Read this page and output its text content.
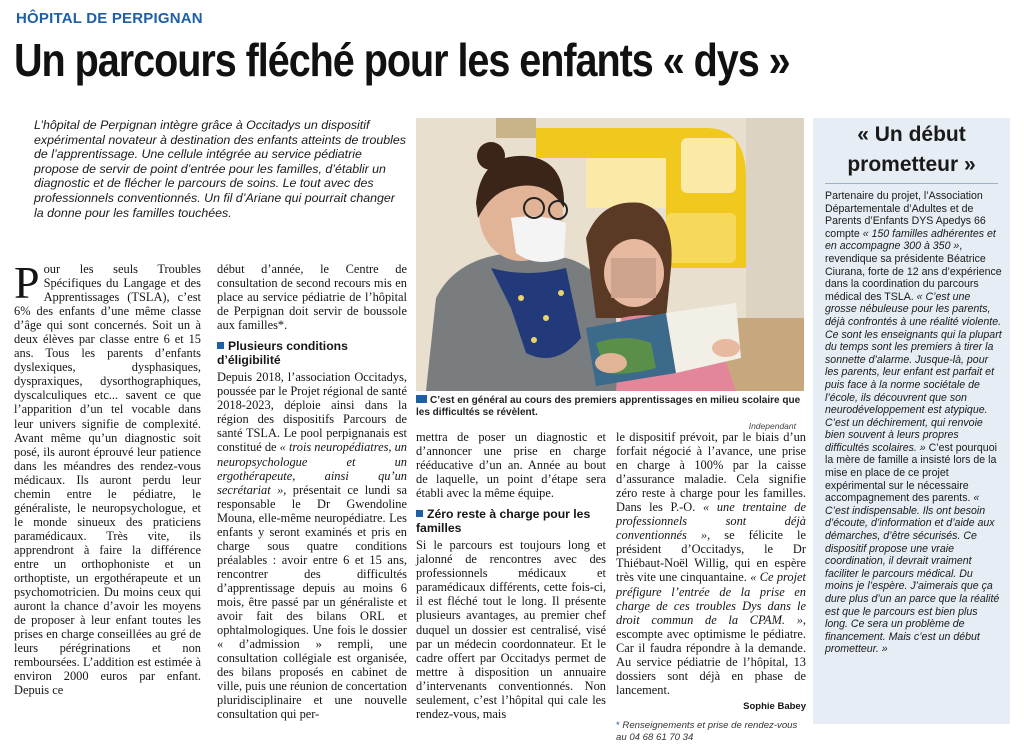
HÔPITAL DE PERPIGNAN
Un parcours fléché pour les enfants « dys »

L’hôpital de Perpignan intègre grâce à Occitadys un dispositif expérimental novateur à destination des enfants atteints de troubles de l’apprentissage. Une cellule intégrée au service pédiatrie propose de servir de point d’entrée pour les familles, d’établir un diagnostic et de flécher le parcours de soins. Le tout avec des professionnels conventionnés. Un fil d’Ariane qui pourrait changer la donne pour les familles touchées.

C’est en général au cours des premiers apprentissages en milieu scolaire que les difficultés se révèlent.
Independant
P our les seuls Troubles Spécifiques du Langage et des Apprentissages (TSLA), c’est 6% des enfants d’une même classe d’âge qui sont concernés. Soit un à deux élèves par classe entre 6 et 15 ans. Tous les parents d’enfants dyslexiques, dysphasiques, dyspraxiques, dysorthographiques, dyscalculiques etc... savent ce que l’apparition d’un tel vocable dans leur univers signifie de complexité. Avant même qu’un diagnostic soit posé, ils auront éprouvé leur patience dans les méandres des rendez-vous médicaux. Ils auront perdu leur chemin entre le pédiatre, le généraliste, le neuropsychologue, et le monde sinueux des praticiens paramédicaux. Très vite, ils apprendront à faire la différence entre un orthophoniste et un orthoptiste, un ergothérapeute et un psychomotricien. Du moins ceux qui auront la chance d’avoir les moyens de proposer à leur enfant toutes les prises en charge conseillées au gré de leurs pérégrinations et non remboursées. L’addition est estimée à environ 2000 euros par enfant. Depuis ce

début d’année, le Centre de consultation de second recours mis en place au service pédiatrie de l’hôpital de Perpignan doit servir de boussole aux familles*.

Plusieurs conditions d’éligibilité

Depuis 2018, l’association Occitadys, poussée par le Projet régional de santé 2018-2023, déploie ainsi dans la région des dispositifs Parcours de santé TSLA. Le pool perpignanais est constitué de « trois neuropédiatres, un neuropsychologue et un ergothérapeute, ainsi qu’un secrétariat », présentait ce lundi sa responsable le Dr Gwendoline Mouna, elle-même neuropédiatre. Les enfants y seront examinés et pris en charge sous quatre conditions préalables : avoir entre 6 et 15 ans, rencontrer des difficultés d’apprentissage depuis au moins 6 mois, être passé par un généraliste et avoir fait des bilans ORL et ophtalmologiques. Une fois le dossier « d’admission » rempli, une consultation collégiale est organisée, des bilans proposés en cabinet de ville, puis une réunion de concertation pluridisciplinaire et une nouvelle consultation qui per-

mettra de poser un diagnostic et d’annoncer une prise en charge rééducative d’un an. Année au bout de laquelle, un point d’étape sera établi avec la même équipe.

Zéro reste à charge pour les familles

Si le parcours est toujours long et jalonné de rencontres avec des professionnels médicaux et paramédicaux différents, cette fois-ci, il est fléché tout le long. Il présente plusieurs avantages, au premier chef duquel un dossier est centralisé, visé par un médecin coordonnateur. Et le cadre offert par Occitadys permet de mettre à disposition un annuaire d’intervenants conventionnés. Non seulement, c’est l’hôpital qui cale les rendez-vous, mais

le dispositif prévoit, par le biais d’un forfait négocié à l’avance, une prise en charge à 100% par la caisse d’assurance maladie. Cela signifie zéro reste à charge pour les familles. Dans les P.-O. « une trentaine de professionnels sont déjà conventionnés », se félicite le président d’Occitadys, le Dr Thiébaut-Noël Willig, qui en espère très vite une cinquantaine. « Ce projet préfigure l’entrée de la prise en charge de ces troubles Dys dans le droit commun de la CPAM. », escompte avec optimisme le pédiatre. Car il faudra répondre à la demande. Au service pédiatrie de l’hôpital, 13 dossiers sont déjà en phase de lancement.

Sophie Babey
* Renseignements et prise de rendez-vous au 04 68 61 70 34
« Un début prometteur »

Partenaire du projet, l’Association Départementale d’Adultes et de Parents d’Enfants DYS Apedys 66 compte « 150 familles adhérentes et en accompagne 300 à 350 », revendique sa présidente Béatrice Ciurana, forte de 12 ans d’expérience dans la coordination du parcours médical des TSLA. « C’est une grosse nébuleuse pour les parents, déjà confrontés à une réalité violente. Ce sont les enseignants qui la plupart du temps sont les premiers à tirer la sonnette d’alarme. Jusque-là, pour les parents, leur enfant est parfait et puis face à la norme sociétale de l’école, ils découvrent que son neurodéveloppement est atypique. C’est un déchirement, qui renvoie bien souvent à leurs propres difficultés scolaires. » C’est pourquoi la mère de famille a insisté lors de la mise en place de ce projet expérimental sur le nécessaire accompagnement des parents. « C’est indispensable. Ils ont besoin d’écoute, d’information et d’aide aux démarches, d’être sécurisés. Ce dispositif propose une vraie coordination, il devrait vraiment faciliter le parcours médical. Du moins je l’espère. J’aimerais que ça dure plus d’un an parce que la réalité est que le parcours est bien plus long. Ce sera un problème de financement. Mais c’est un début prometteur. »
